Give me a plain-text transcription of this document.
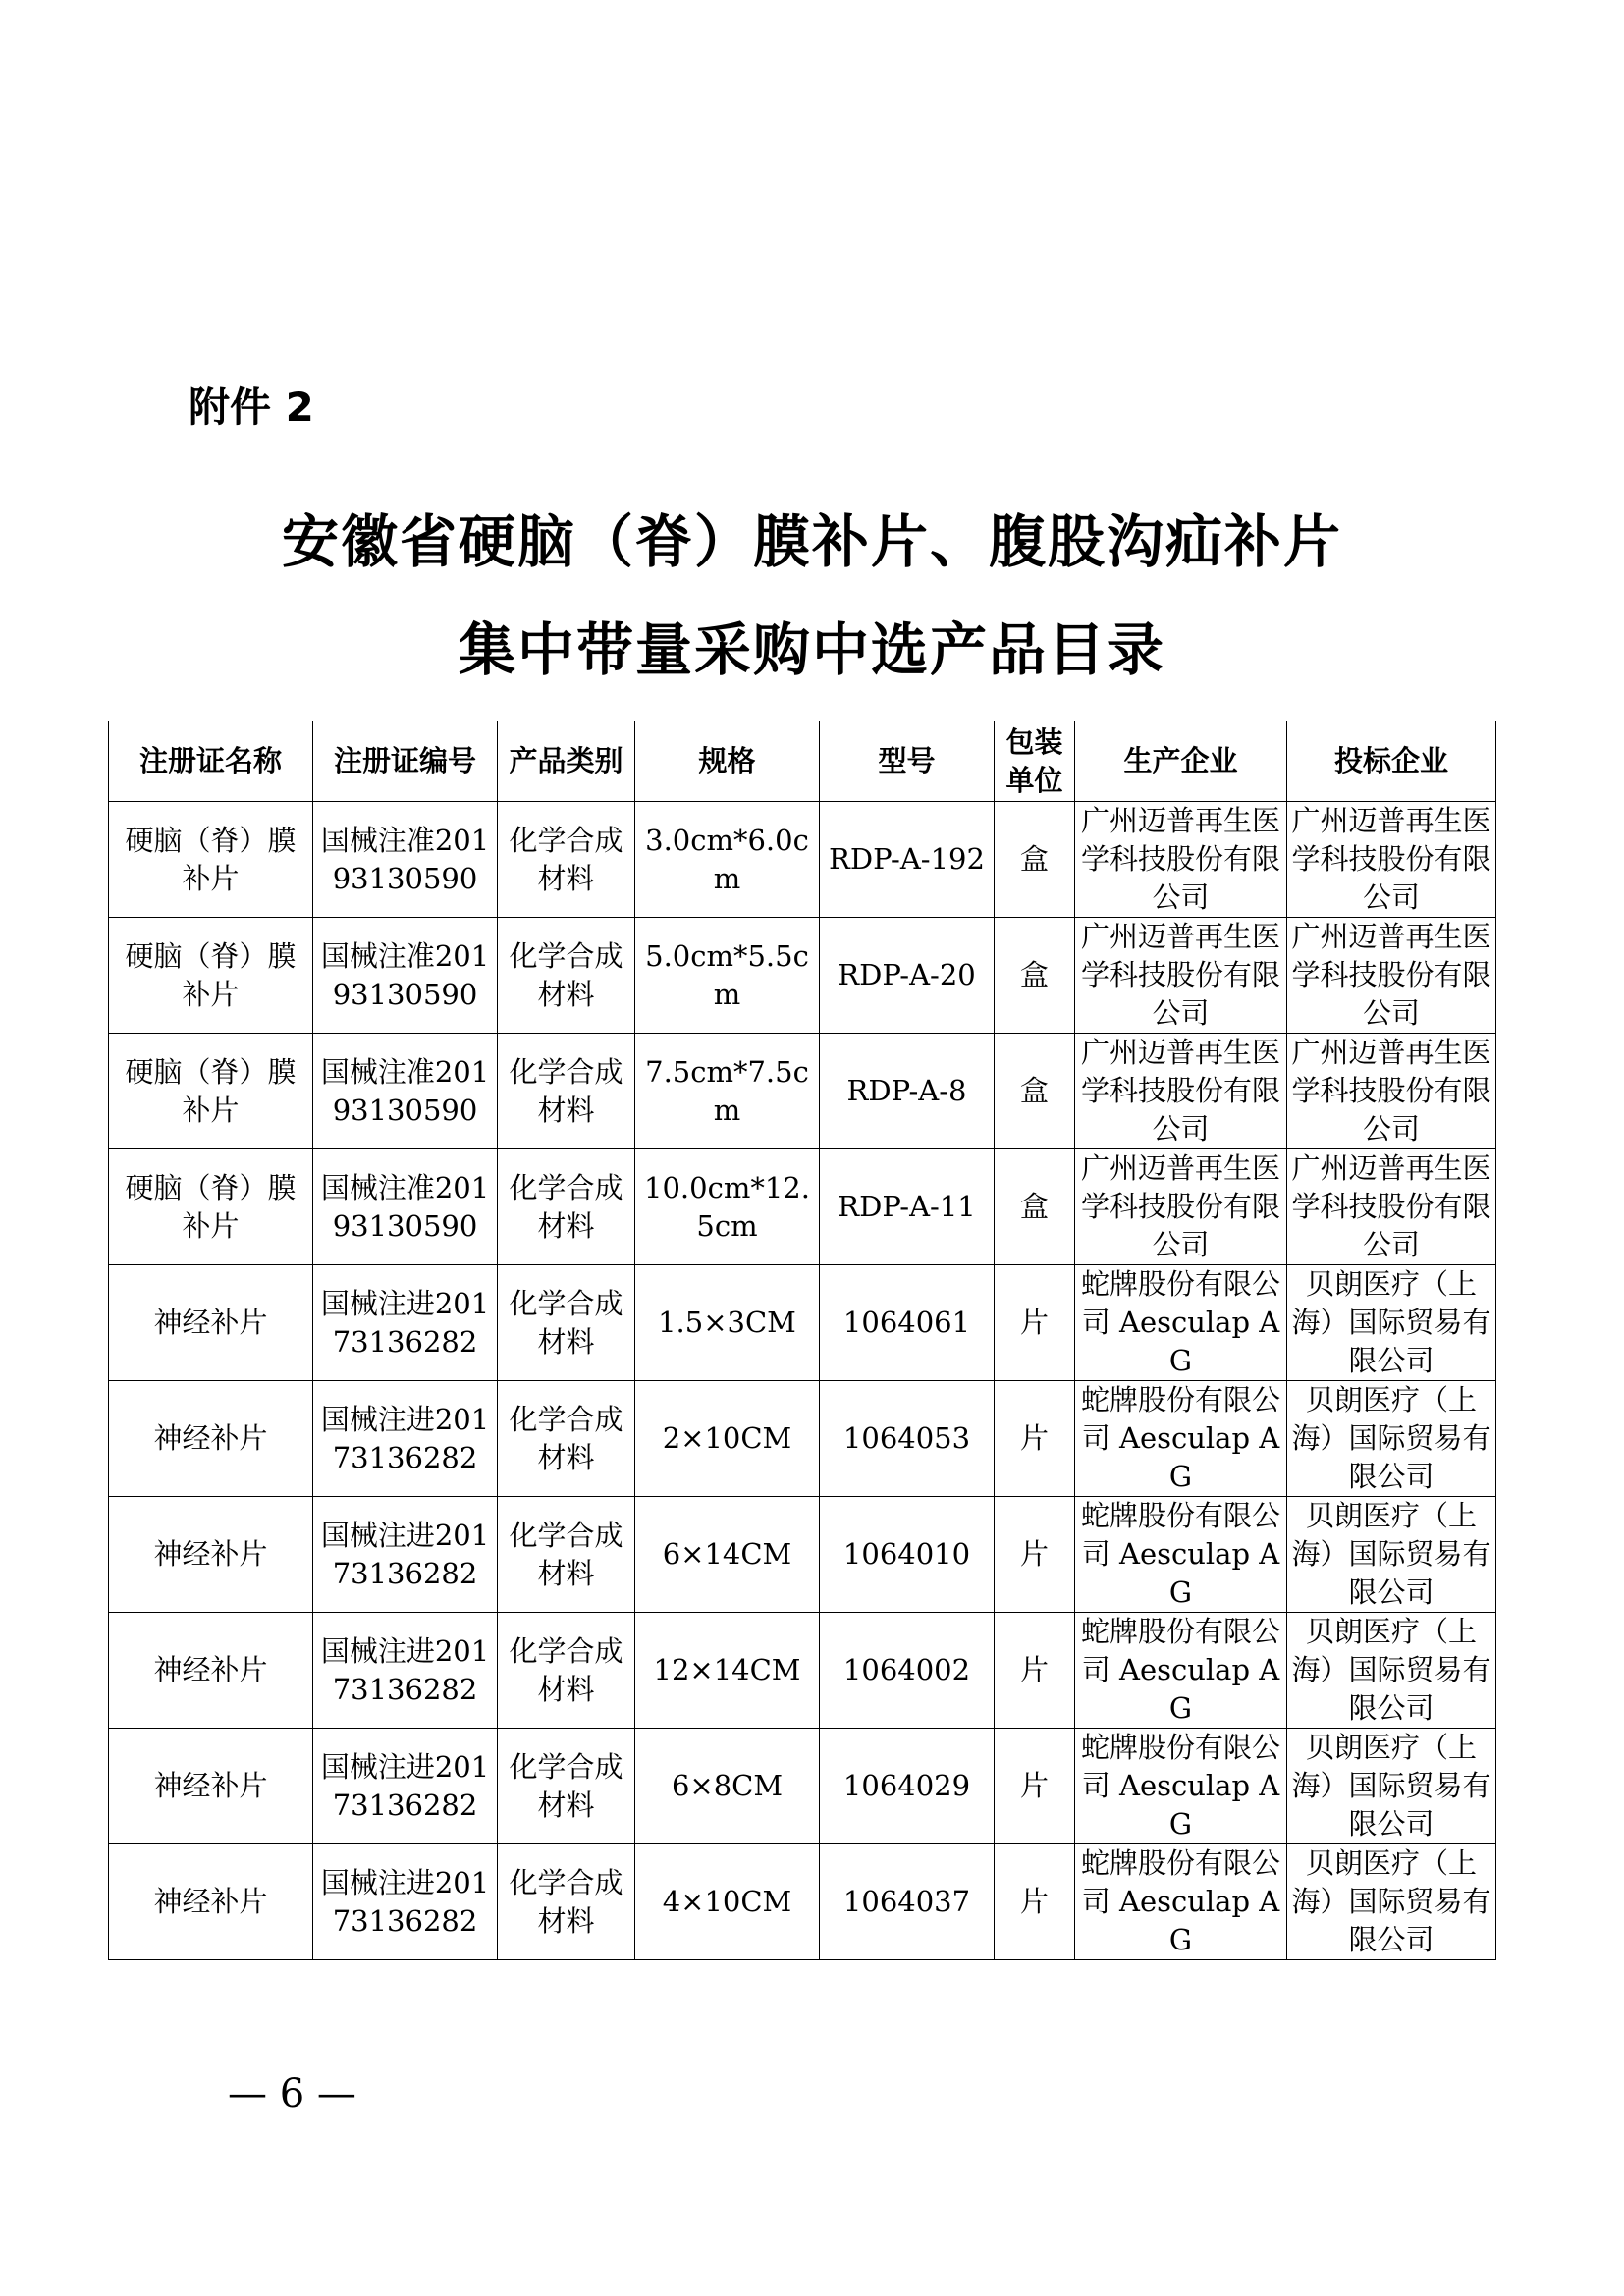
附件 2
安徽省硬脑（脊）膜补片、腹股沟疝补片
集中带量采购中选产品目录
注册证名称	注册证编号	产品类别	规格	型号	包装单位	生产企业	投标企业
硬脑（脊）膜补片	国械注准20193130590	化学合成材料	3.0cm*6.0cm	RDP-A-192	盒	广州迈普再生医学科技股份有限公司	广州迈普再生医学科技股份有限公司
硬脑（脊）膜补片	国械注准20193130590	化学合成材料	5.0cm*5.5cm	RDP-A-20	盒	广州迈普再生医学科技股份有限公司	广州迈普再生医学科技股份有限公司
硬脑（脊）膜补片	国械注准20193130590	化学合成材料	7.5cm*7.5cm	RDP-A-8	盒	广州迈普再生医学科技股份有限公司	广州迈普再生医学科技股份有限公司
硬脑（脊）膜补片	国械注准20193130590	化学合成材料	10.0cm*12.5cm	RDP-A-11	盒	广州迈普再生医学科技股份有限公司	广州迈普再生医学科技股份有限公司
神经补片	国械注进20173136282	化学合成材料	1.5×3CM	1064061	片	蛇牌股份有限公司 Aesculap AG	贝朗医疗（上海）国际贸易有限公司
神经补片	国械注进20173136282	化学合成材料	2×10CM	1064053	片	蛇牌股份有限公司 Aesculap AG	贝朗医疗（上海）国际贸易有限公司
神经补片	国械注进20173136282	化学合成材料	6×14CM	1064010	片	蛇牌股份有限公司 Aesculap AG	贝朗医疗（上海）国际贸易有限公司
神经补片	国械注进20173136282	化学合成材料	12×14CM	1064002	片	蛇牌股份有限公司 Aesculap AG	贝朗医疗（上海）国际贸易有限公司
神经补片	国械注进20173136282	化学合成材料	6×8CM	1064029	片	蛇牌股份有限公司 Aesculap AG	贝朗医疗（上海）国际贸易有限公司
神经补片	国械注进20173136282	化学合成材料	4×10CM	1064037	片	蛇牌股份有限公司 Aesculap AG	贝朗医疗（上海）国际贸易有限公司
— 6 —
